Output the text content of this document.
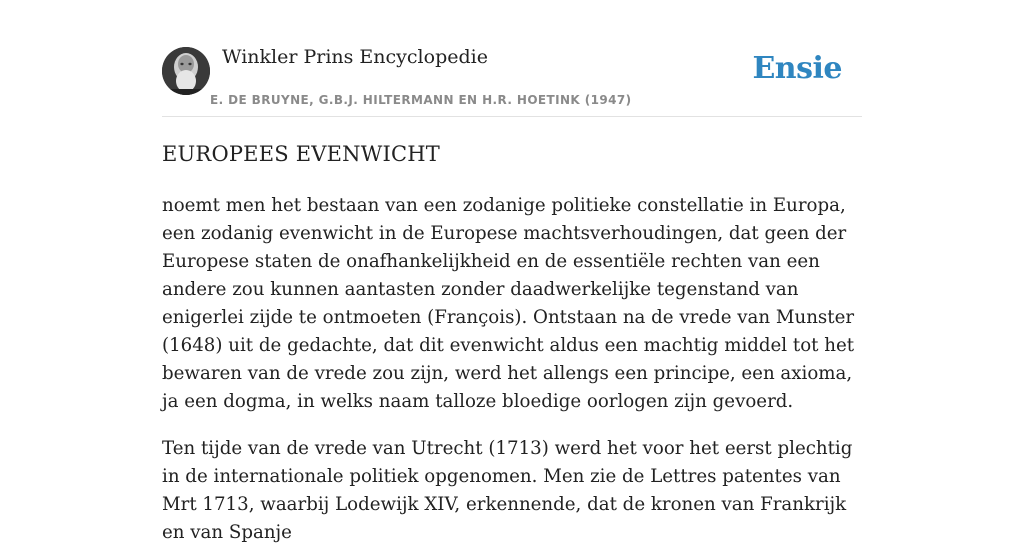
Winkler Prins Encyclopedie
E. DE BRUYNE, G.B.J. HILTERMANN EN H.R. HOETINK (1947)
Ensie
EUROPEES EVENWICHT

noemt men het bestaan van een zodanige politieke constellatie in Europa, een zodanig evenwicht in de Europese machtsverhoudingen, dat geen der Europese staten de onafhankelijkheid en de essentiële rechten van een andere zou kunnen aantasten zonder daadwerkelijke tegenstand van enigerlei zijde te ontmoeten (François). Ontstaan na de vrede van Munster (1648) uit de gedachte, dat dit evenwicht aldus een machtig middel tot het bewaren van de vrede zou zijn, werd het allengs een principe, een axioma, ja een dogma, in welks naam talloze bloedige oorlogen zijn gevoerd.

Ten tijde van de vrede van Utrecht (1713) werd het voor het eerst plechtig in de internationale politiek opgenomen. Men zie de Lettres patentes van Mrt 1713, waarbij Lodewijk XIV, erkennende, dat de kronen van Frankrijk en van Spanje
